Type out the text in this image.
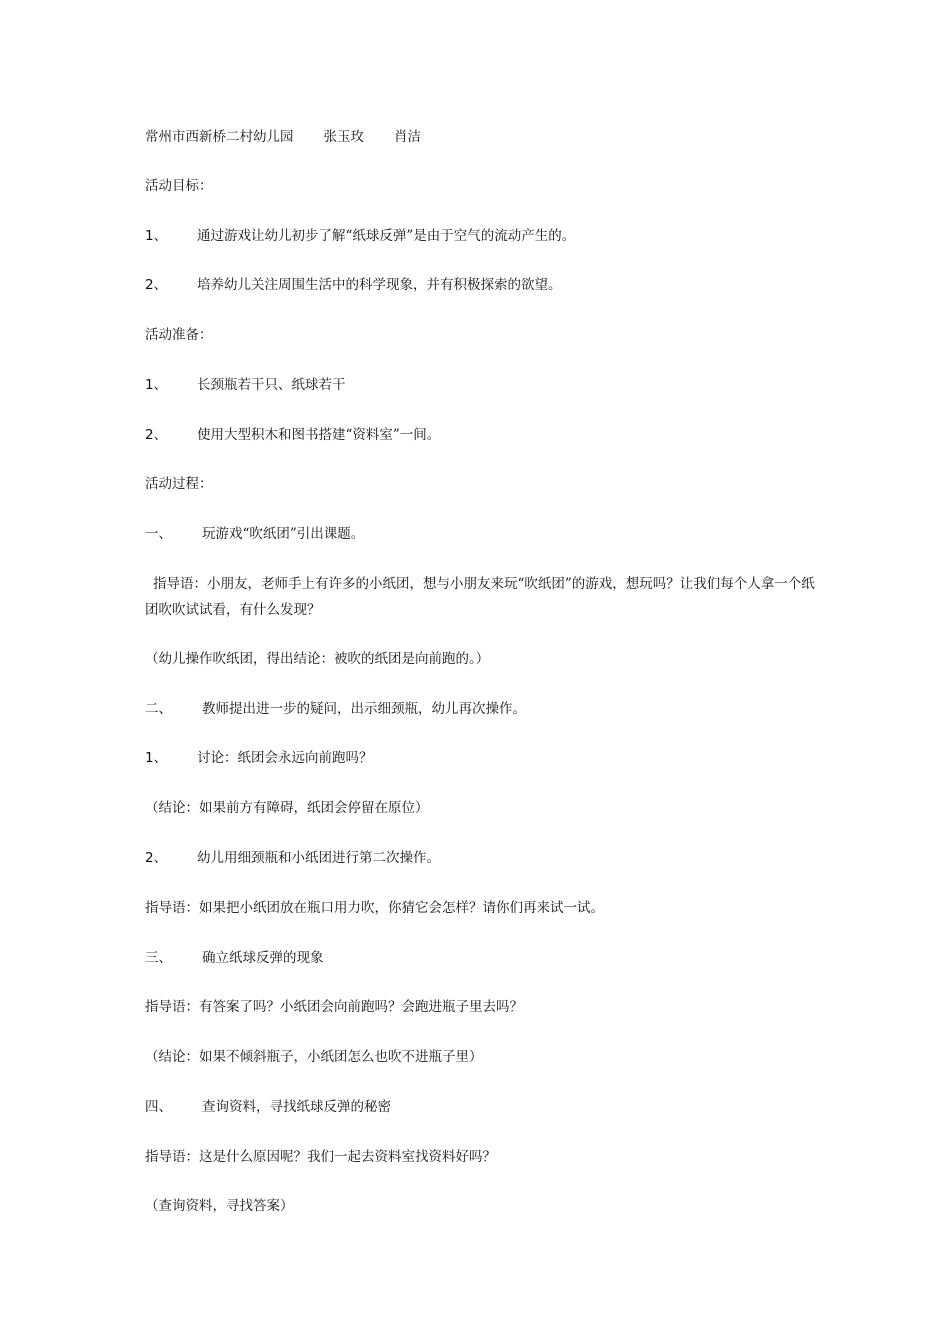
常州市西新桥二村幼儿园 张玉玫 肖洁
活动目标：
1、 通过游戏让幼儿初步了解“纸球反弹”是由于空气的流动产生的。
2、 培养幼儿关注周围生活中的科学现象，并有积极探索的欲望。
活动准备：
1、 长颈瓶若干只、纸球若干
2、 使用大型积木和图书搭建“资料室”一间。
活动过程：
一、 玩游戏“吹纸团”引出课题。
指导语：小朋友，老师手上有许多的小纸团，想与小朋友来玩“吹纸团”的游戏，想玩吗？让我们每个人拿一个纸团吹吹试试看，有什么发现？
（幼儿操作吹纸团，得出结论：被吹的纸团是向前跑的。）
二、 教师提出进一步的疑问，出示细颈瓶，幼儿再次操作。
1、 讨论：纸团会永远向前跑吗？
（结论：如果前方有障碍，纸团会停留在原位）
2、 幼儿用细颈瓶和小纸团进行第二次操作。
指导语：如果把小纸团放在瓶口用力吹，你猜它会怎样？请你们再来试一试。
三、 确立纸球反弹的现象
指导语：有答案了吗？小纸团会向前跑吗？会跑进瓶子里去吗？
（结论：如果不倾斜瓶子，小纸团怎么也吹不进瓶子里）
四、 查询资料，寻找纸球反弹的秘密
指导语：这是什么原因呢？我们一起去资料室找资料好吗？
（查询资料，寻找答案）
